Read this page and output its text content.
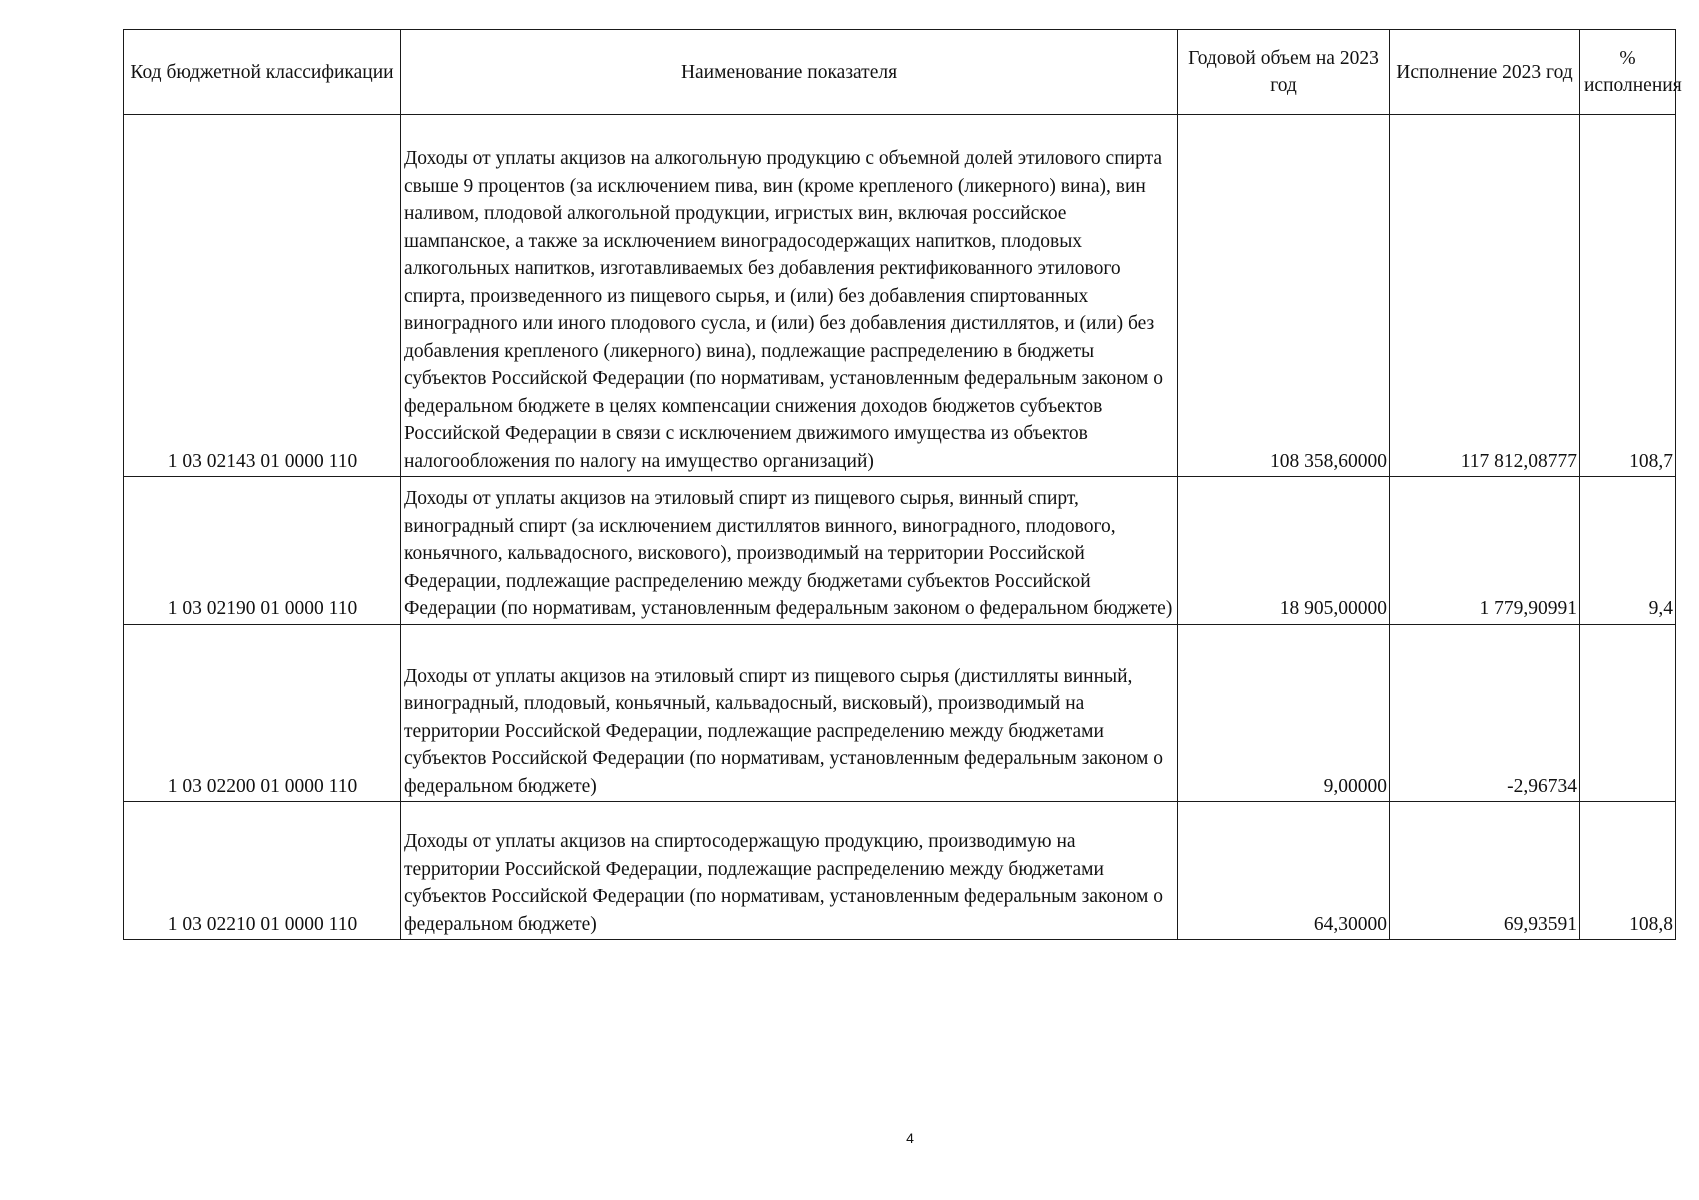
Код бюджетной классификации	Наименование показателя	Годовой объем на 2023 год	Исполнение 2023 год	% исполнения
1 03 02143 01 0000 110	Доходы от уплаты акцизов на алкогольную продукцию с объемной долей этилового спирта свыше 9 процентов (за исключением пива, вин (кроме крепленого (ликерного) вина), вин наливом, плодовой алкогольной продукции, игристых вин, включая российское шампанское, а также за исключением виноградосодержащих напитков, плодовых алкогольных напитков, изготавливаемых без добавления ректификованного этилового спирта, произведенного из пищевого сырья, и (или) без добавления спиртованных виноградного или иного плодового сусла, и (или) без добавления дистиллятов, и (или) без добавления крепленого (ликерного) вина), подлежащие распределению в бюджеты субъектов Российской Федерации (по нормативам, установленным федеральным законом о федеральном бюджете в целях компенсации снижения доходов бюджетов субъектов Российской Федерации в связи с исключением движимого имущества из объектов налогообложения по налогу на имущество организаций)	108 358,60000	117 812,08777	108,7
1 03 02190 01 0000 110	Доходы от уплаты акцизов на этиловый спирт из пищевого сырья, винный спирт, виноградный спирт (за исключением дистиллятов винного, виноградного, плодового, коньячного, кальвадосного, вискового), производимый на территории Российской Федерации, подлежащие распределению между бюджетами субъектов Российской Федерации (по нормативам, установленным федеральным законом о федеральном бюджете)	18 905,00000	1 779,90991	9,4
1 03 02200 01 0000 110	Доходы от уплаты акцизов на этиловый спирт из пищевого сырья (дистилляты винный, виноградный, плодовый, коньячный, кальвадосный, висковый), производимый на территории Российской Федерации, подлежащие распределению между бюджетами субъектов Российской Федерации (по нормативам, установленным федеральным законом о федеральном бюджете)	9,00000	-2,96734	
1 03 02210 01 0000 110	Доходы от уплаты акцизов на спиртосодержащую продукцию, производимую на территории Российской Федерации, подлежащие распределению между бюджетами субъектов Российской Федерации (по нормативам, установленным федеральным законом о федеральном бюджете)	64,30000	69,93591	108,8
4
